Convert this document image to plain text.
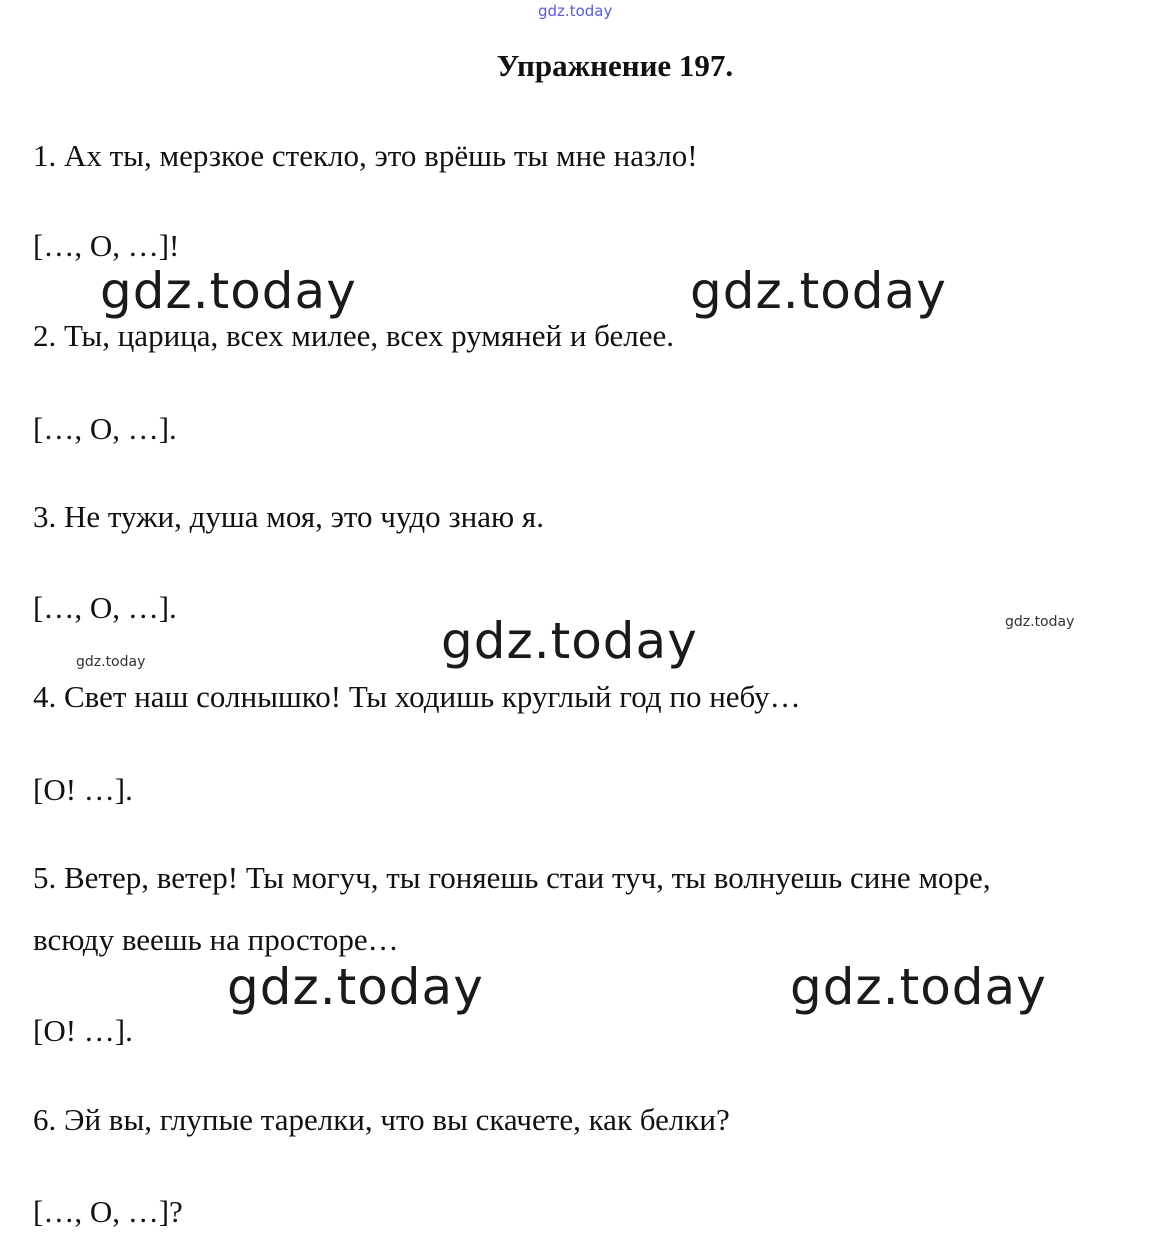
gdz.today
Упражнение 197.
1. Ах ты, мерзкое стекло, это врёшь ты мне назло!
[…, О, …]!
2. Ты, царица, всех милее, всех румяней и белее.
[…, О, …].
3. Не тужи, душа моя, это чудо знаю я.
[…, О, …].
4. Свет наш солнышко! Ты ходишь круглый год по небу…
[О! …].
5. Ветер, ветер! Ты могуч, ты гоняешь стаи туч, ты волнуешь сине море,
всюду веешь на просторе…
[О! …].
6. Эй вы, глупые тарелки, что вы скачете, как белки?
[…, О, …]?
gdz.today	gdz.today
gdz.today
gdz.today	gdz.today
gdz.today
gdz.today
